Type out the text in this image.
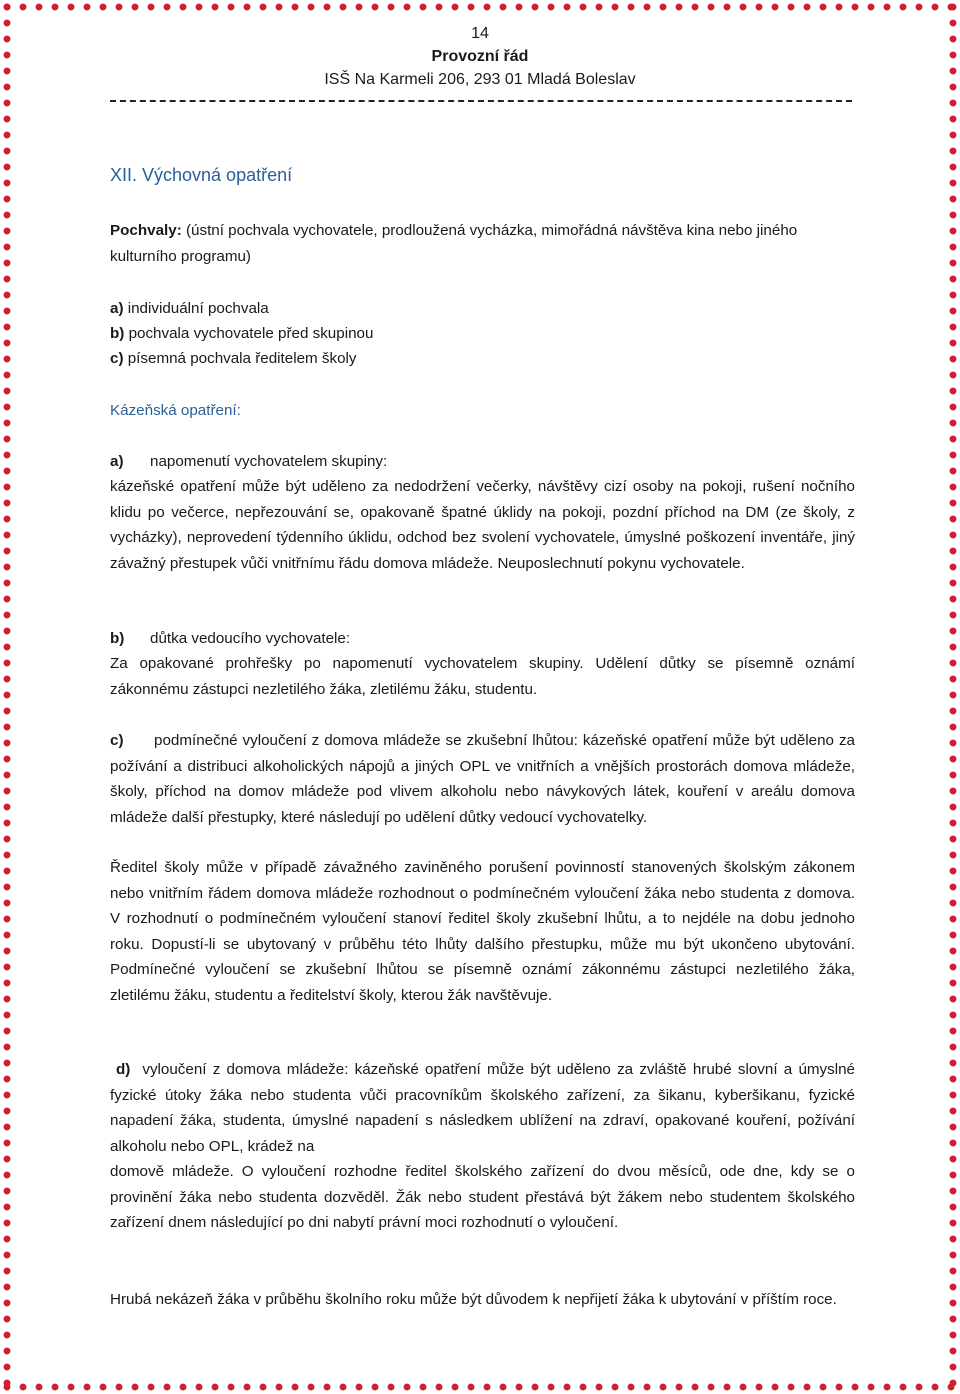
14
Provozní řád
ISŠ Na Karmeli 206, 293 01 Mladá Boleslav
XII. Výchovná opatření
Pochvaly: (ústní pochvala vychovatele, prodloužená vycházka, mimořádná návštěva kina nebo jiného kulturního programu)
a) individuální pochvala
b) pochvala vychovatele před skupinou
c) písemná pochvala ředitelem školy
Kázeňská opatření:
a) napomenutí vychovatelem skupiny:
kázeňské opatření může být uděleno za nedodržení večerky, návštěvy cizí osoby na pokoji, rušení nočního klidu po večerce, nepřezouvání se, opakovaně špatné úklidy na pokoji, pozdní příchod na DM (ze školy, z vycházky), neprovedení týdenního úklidu, odchod bez svolení vychovatele, úmyslné poškození inventáře, jiný závažný přestupek vůči vnitřnímu řádu domova mládeže. Neuposlechnutí pokynu vychovatele.
b) důtka vedoucího vychovatele:
Za opakované prohřešky po napomenutí vychovatelem skupiny. Udělení důtky se písemně oznámí zákonnému zástupci nezletilého žáka, zletilému žáku, studentu.
c) podmínečné vyloučení z domova mládeže se zkušební lhůtou: kázeňské opatření může být uděleno za požívání a distribuci alkoholických nápojů a jiných OPL ve vnitřních a vnějších prostorách domova mládeže, školy, příchod na domov mládeže pod vlivem alkoholu nebo návykových látek, kouření v areálu domova mládeže další přestupky, které následují po udělení důtky vedoucí vychovatelky.
Ředitel školy může v případě závažného zaviněného porušení povinností stanovených školským zákonem nebo vnitřním řádem domova mládeže rozhodnout o podmínečném vyloučení žáka nebo studenta z domova. V rozhodnutí o podmínečném vyloučení stanoví ředitel školy zkušební lhůtu, a to nejdéle na dobu jednoho roku. Dopustí-li se ubytovaný v průběhu této lhůty dalšího přestupku, může mu být ukončeno ubytování. Podmínečné vyloučení se zkušební lhůtou se písemně oznámí zákonnému zástupci nezletilého žáka, zletilému žáku, studentu a ředitelství školy, kterou žák navštěvuje.
d) vyloučení z domova mládeže: kázeňské opatření může být uděleno za zvláště hrubé slovní a úmyslné fyzické útoky žáka nebo studenta vůči pracovníkům školského zařízení, za šikanu, kyberšikanu, fyzické napadení žáka, studenta, úmyslné napadení s následkem ublížení na zdraví, opakované kouření, požívání alkoholu nebo OPL, krádež na
domově mládeže. O vyloučení rozhodne ředitel školského zařízení do dvou měsíců, ode dne, kdy se o provinění žáka nebo studenta dozvěděl. Žák nebo student přestává být žákem nebo studentem školského zařízení dnem následující po dni nabytí právní moci rozhodnutí o vyloučení.
Hrubá nekázeň žáka v průběhu školního roku může být důvodem k nepřijetí žáka k ubytování v příštím roce.
